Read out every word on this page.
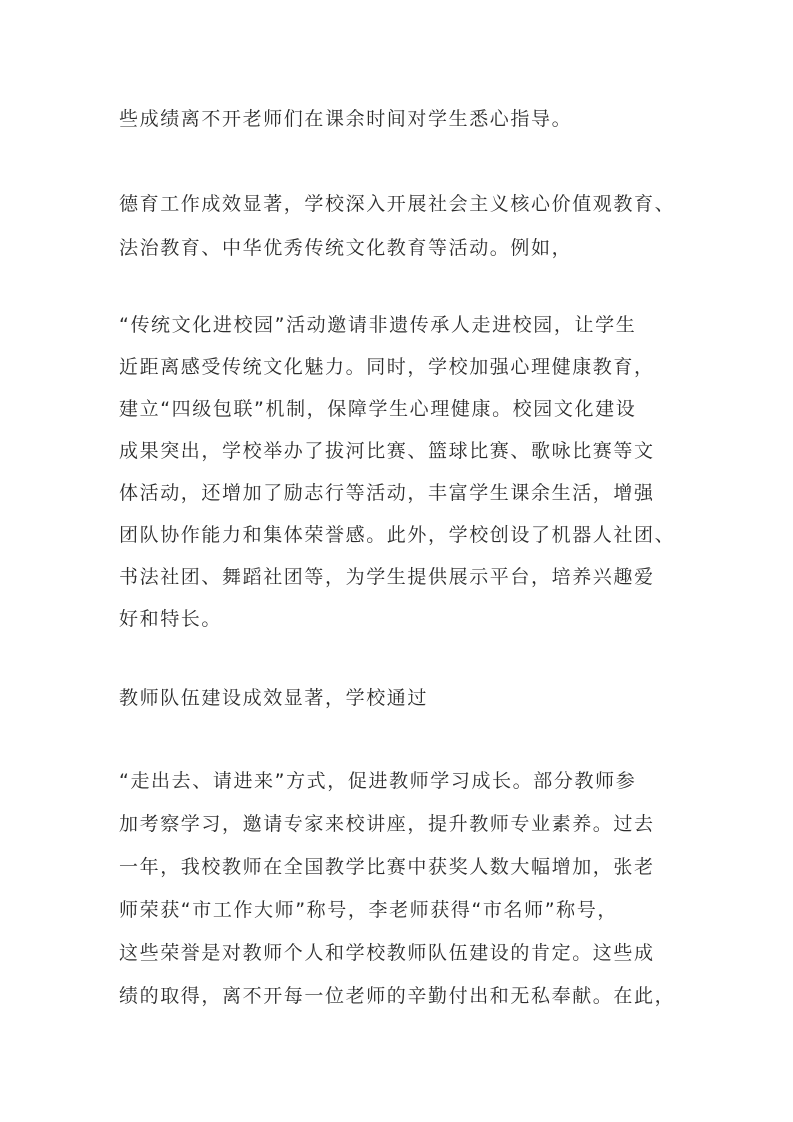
些成绩离不开老师们在课余时间对学生悉心指导。

德育工作成效显著，学校深入开展社会主义核心价值观教育、

法治教育、中华优秀传统文化教育等活动。例如，

“传统文化进校园”活动邀请非遗传承人走进校园，让学生

近距离感受传统文化魅力。同时，学校加强心理健康教育，

建立“四级包联”机制，保障学生心理健康。校园文化建设

成果突出，学校举办了拔河比赛、篮球比赛、歌咏比赛等文

体活动，还增加了励志行等活动，丰富学生课余生活，增强

团队协作能力和集体荣誉感。此外，学校创设了机器人社团、

书法社团、舞蹈社团等，为学生提供展示平台，培养兴趣爱

好和特长。

教师队伍建设成效显著，学校通过

“走出去、请进来”方式，促进教师学习成长。部分教师参

加考察学习，邀请专家来校讲座，提升教师专业素养。过去

一年，我校教师在全国教学比赛中获奖人数大幅增加，张老

师荣获“市工作大师”称号，李老师获得“市名师”称号，

这些荣誉是对教师个人和学校教师队伍建设的肯定。这些成

绩的取得，离不开每一位老师的辛勤付出和无私奉献。在此，
